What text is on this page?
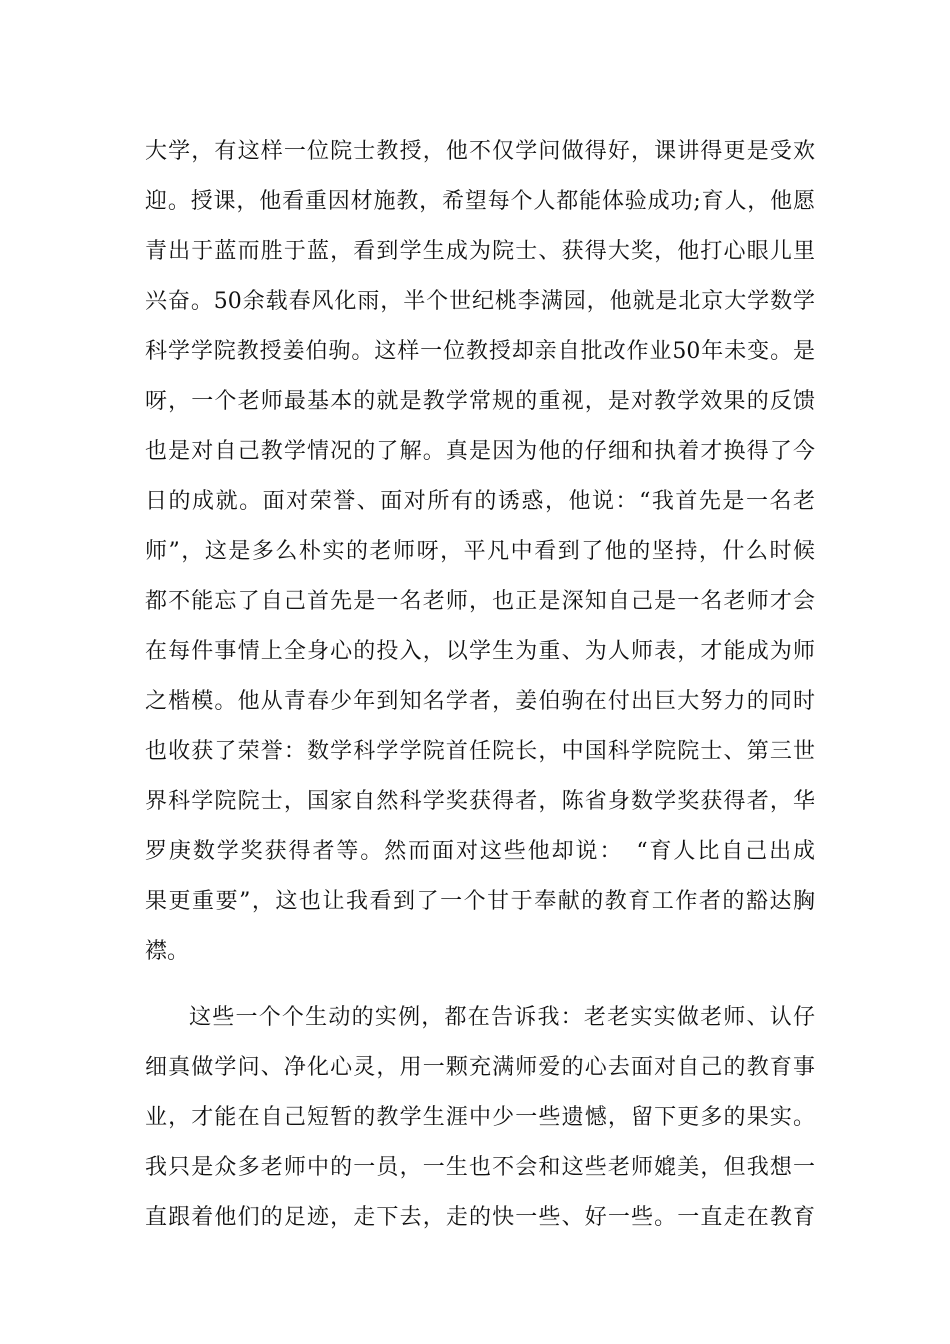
大学，有这样一位院士教授，他不仅学问做得好，课讲得更是受欢
迎。授课，他看重因材施教，希望每个人都能体验成功;育人，他愿
青出于蓝而胜于蓝，看到学生成为院士、获得大奖，他打心眼儿里
兴奋。50余载春风化雨，半个世纪桃李满园，他就是北京大学数学
科学学院教授姜伯驹。这样一位教授却亲自批改作业50年未变。是
呀，一个老师最基本的就是教学常规的重视，是对教学效果的反馈
也是对自己教学情况的了解。真是因为他的仔细和执着才换得了今
日的成就。面对荣誉、面对所有的诱惑，他说：“我首先是一名老
师”，这是多么朴实的老师呀，平凡中看到了他的坚持，什么时候
都不能忘了自己首先是一名老师，也正是深知自己是一名老师才会
在每件事情上全身心的投入，以学生为重、为人师表，才能成为师
之楷模。他从青春少年到知名学者，姜伯驹在付出巨大努力的同时
也收获了荣誉：数学科学学院首任院长，中国科学院院士、第三世
界科学院院士，国家自然科学奖获得者，陈省身数学奖获得者，华
罗庚数学奖获得者等。然而面对这些他却说：　“育人比自己出成
果更重要”，这也让我看到了一个甘于奉献的教育工作者的豁达胸
襟。
这些一个个生动的实例，都在告诉我：老老实实做老师、认仔
细真做学问、净化心灵，用一颗充满师爱的心去面对自己的教育事
业，才能在自己短暂的教学生涯中少一些遗憾，留下更多的果实。
我只是众多老师中的一员，一生也不会和这些老师媲美，但我想一
直跟着他们的足迹，走下去，走的快一些、好一些。一直走在教育
